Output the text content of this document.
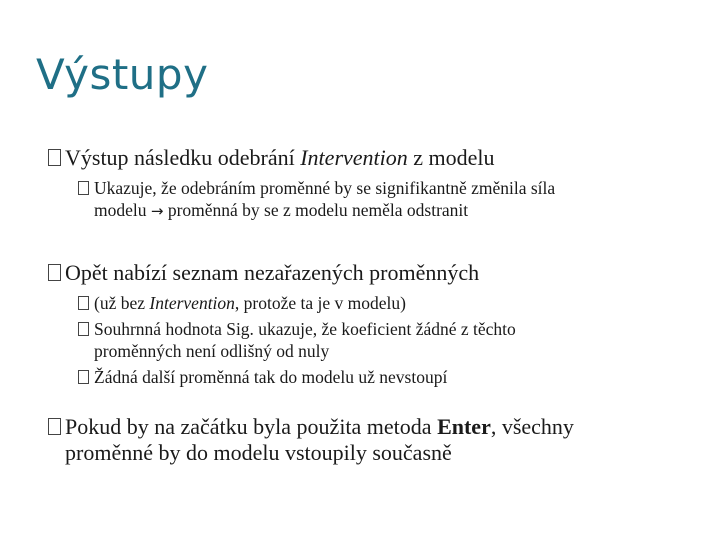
Výstupy
Výstup následku odebrání Intervention z modelu
Ukazuje, že odebráním proměnné by se signifikantně změnila síla
modelu → proměnná by se z modelu neměla odstranit
Opět nabízí seznam nezařazených proměnných
(už bez Intervention, protože ta je v modelu)
Souhrnná hodnota Sig. ukazuje, že koeficient žádné z těchto
proměnných není odlišný od nuly
Žádná další proměnná tak do modelu už nevstoupí
Pokud by na začátku byla použita metoda Enter, všechny
proměnné by do modelu vstoupily současně
